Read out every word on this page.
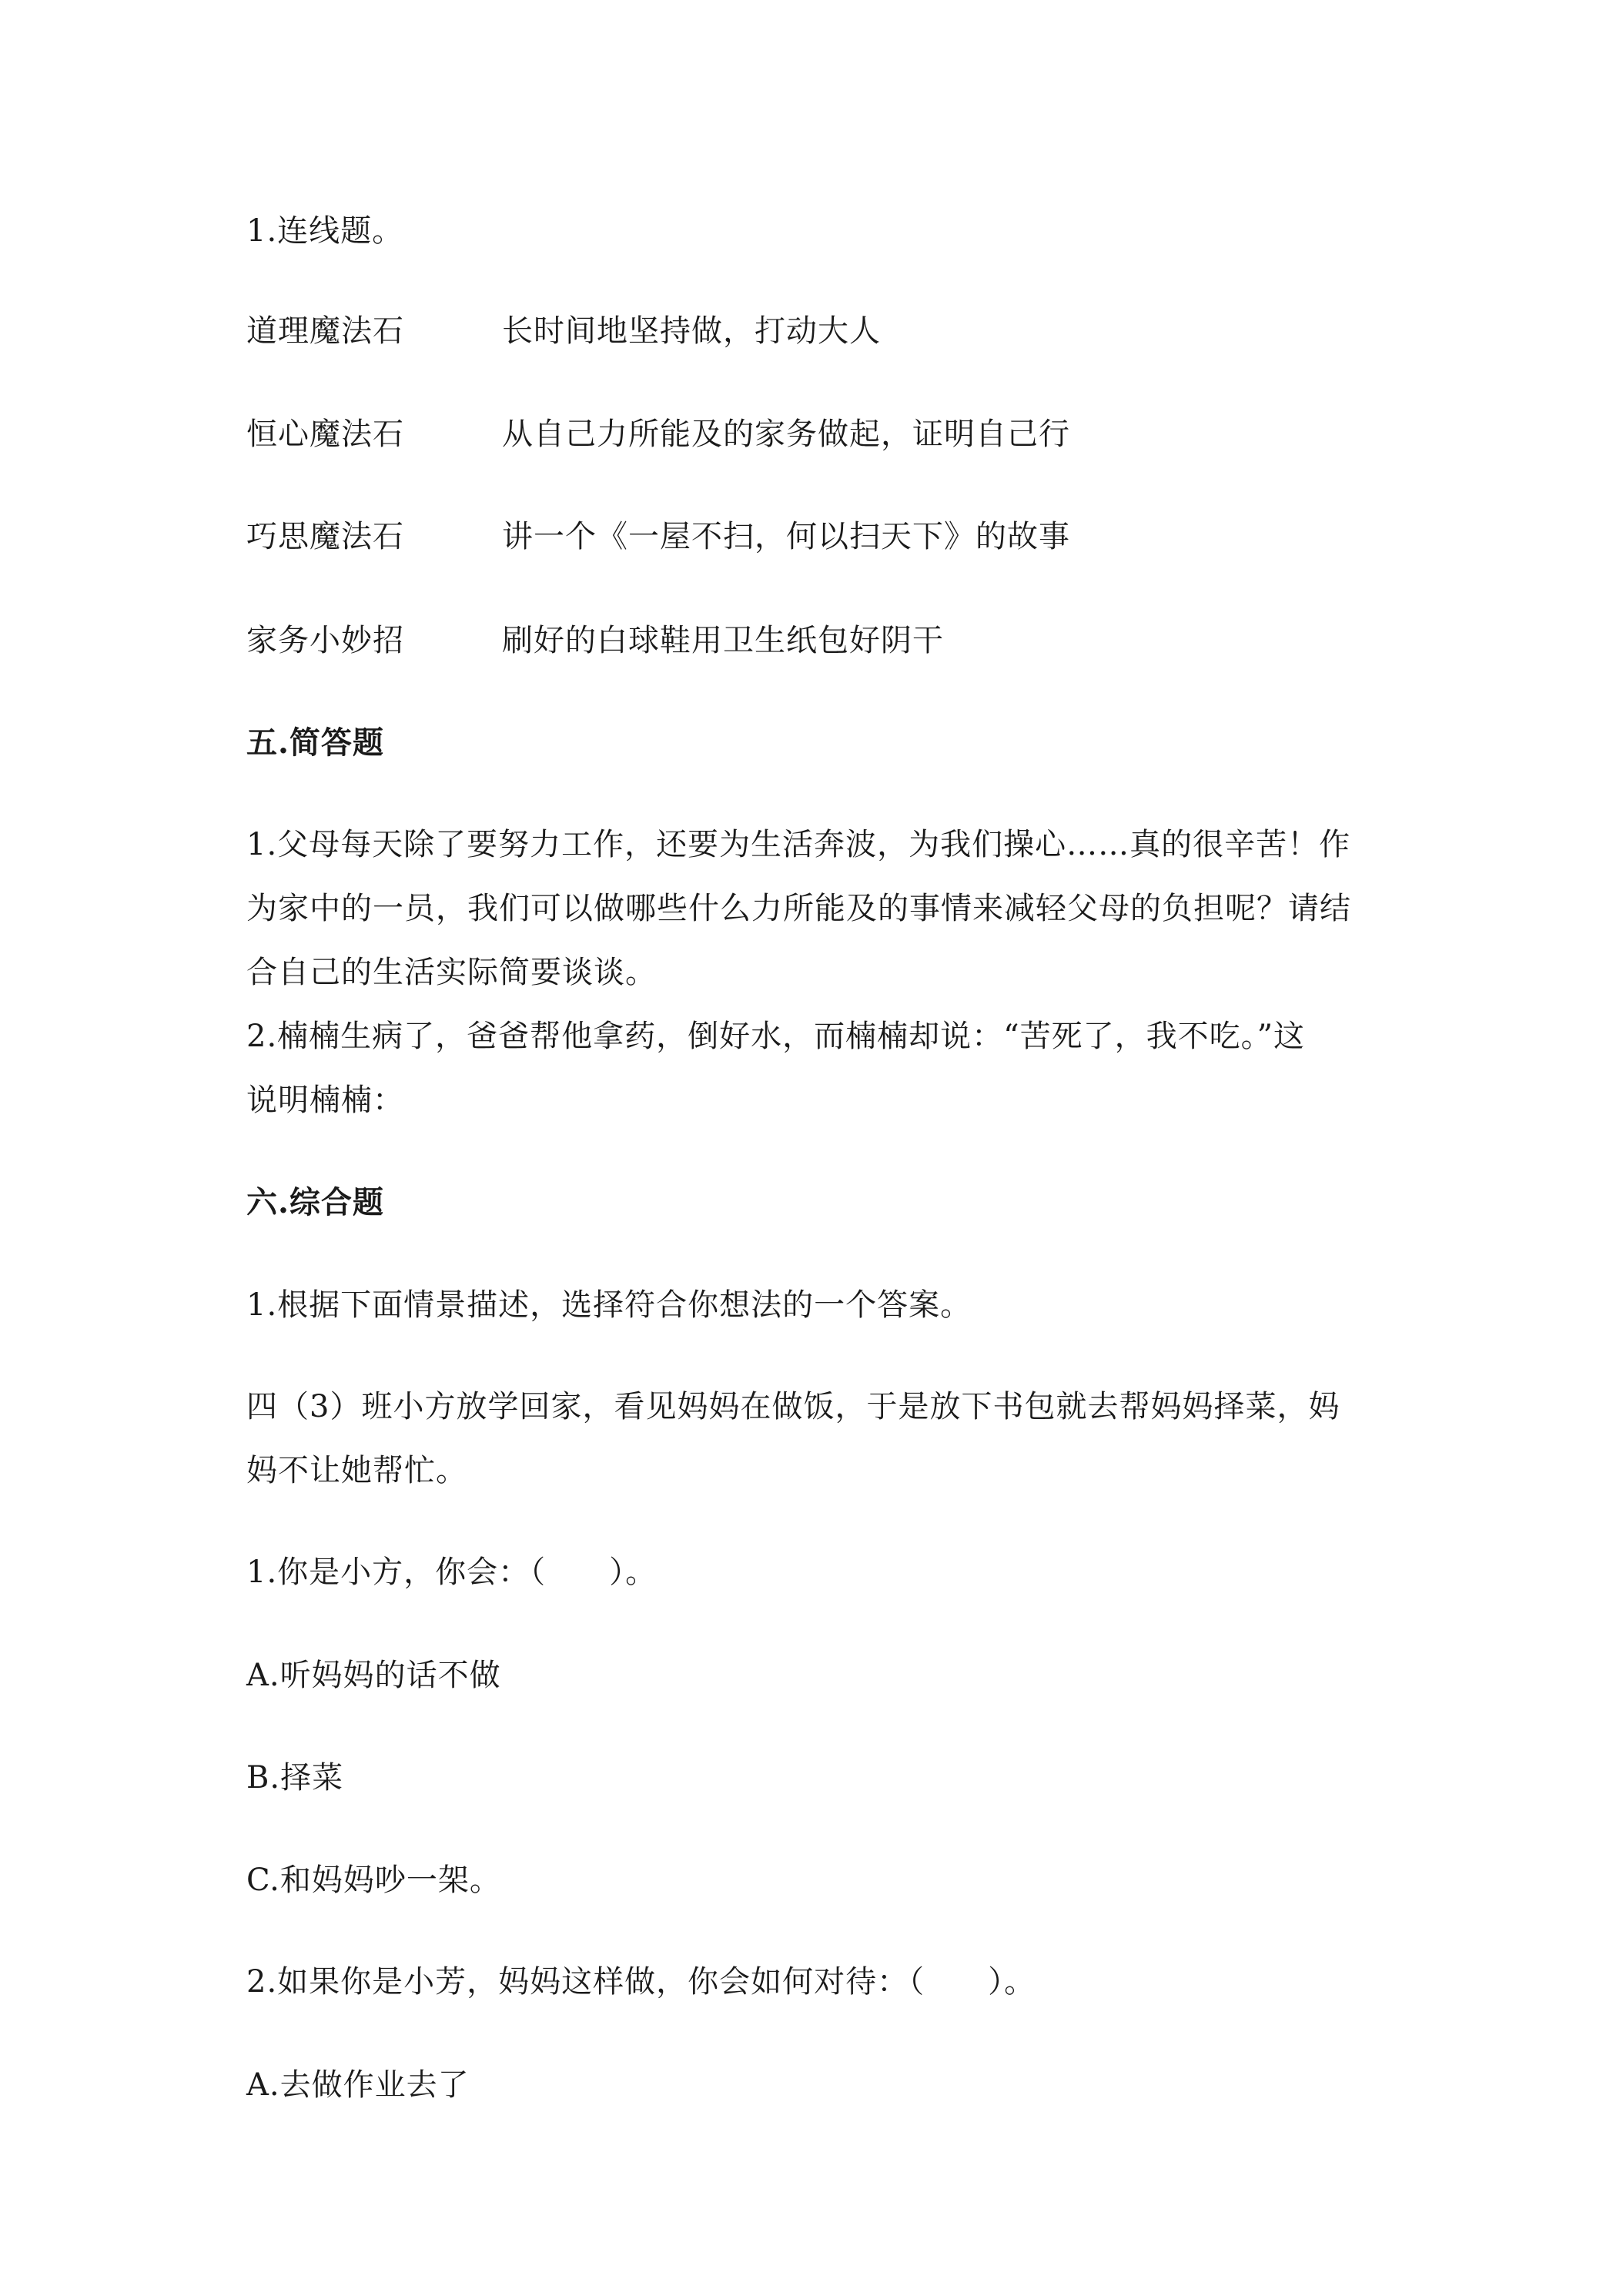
1.连线题。

道理魔法石	长时间地坚持做，打动大人

恒心魔法石	从自己力所能及的家务做起，证明自己行

巧思魔法石	讲一个《一屋不扫，何以扫天下》的故事

家务小妙招	刷好的白球鞋用卫生纸包好阴干

五.简答题

1.父母每天除了要努力工作，还要为生活奔波，为我们操心……真的很辛苦！作

为家中的一员，我们可以做哪些什么力所能及的事情来减轻父母的负担呢？请结

合自己的生活实际简要谈谈。

2.楠楠生病了，爸爸帮他拿药，倒好水，而楠楠却说：“苦死了，我不吃。”这

说明楠楠：

六.综合题

1.根据下面情景描述，选择符合你想法的一个答案。

四（3）班小方放学回家，看见妈妈在做饭，于是放下书包就去帮妈妈择菜，妈

妈不让她帮忙。

1.你是小方，你会：（　　）。

A.听妈妈的话不做

B.择菜

C.和妈妈吵一架。

2.如果你是小芳，妈妈这样做，你会如何对待：（　　）。

A.去做作业去了
